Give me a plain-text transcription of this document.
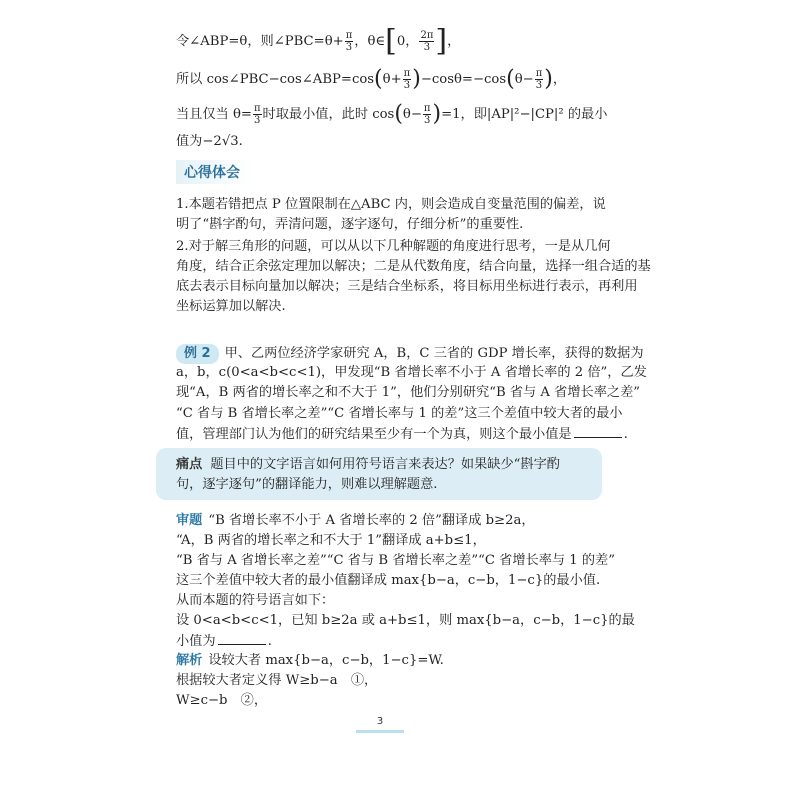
令∠ABP=θ，则∠PBC=θ+ $\frac{\pi}{3}$ ，θ∈[0， $\frac{2\pi}{3}$ ]，
所以 cos∠PBC−cos∠ABP=cos(θ+ $\frac{\pi}{3} )-\cos\theta=-\cos(\theta- \frac{\pi}{3}$ )，
当且仅当 $\theta= \frac{\pi}{3}$ 时取最小值，此时 $\cos(\theta- \frac{\pi}{3} )=1$，即|AP|²−|CP|² 的最小
值为−2√3.
心得体会
1.本题若错把点 P 位置限制在△ABC 内，则会造成自变量范围的偏差，说
明了“斟字酌句，弄清问题，逐字逐句，仔细分析”的重要性.
2.对于解三角形的问题，可以从以下几种解题的角度进行思考，一是从几何
角度，结合正余弦定理加以解决；二是从代数角度，结合向量，选择一组合适的基
底去表示目标向量加以解决；三是结合坐标系，将目标用坐标进行表示，再利用
坐标运算加以解决.
例 2 甲、乙两位经济学家研究 A，B，C 三省的 GDP 增长率，获得的数据为
a，b，c(0<a<b<c<1)，甲发现“B 省增长率不小于 A 省增长率的 2 倍”，乙发
现“A，B 两省的增长率之和不大于 1”，他们分别研究“B 省与 A 省增长率之差”
“C 省与 B 省增长率之差”“C 省增长率与 1 的差”这三个差值中较大者的最小
值，管理部门认为他们的研究结果至少有一个为真，则这个最小值是	.
痛点 题目中的文字语言如何用符号语言来表达？如果缺少“斟字酌
句，逐字逐句”的翻译能力，则难以理解题意.
审题 “B 省增长率不小于 A 省增长率的 2 倍”翻译成 b≥2a，
“A，B 两省的增长率之和不大于 1”翻译成 a+b≤1，
“B 省与 A 省增长率之差”“C 省与 B 省增长率之差”“C 省增长率与 1 的差”
这三个差值中较大者的最小值翻译成 max{b−a，c−b，1−c}的最小值.
从而本题的符号语言如下：
设 0<a<b<c<1，已知 b≥2a 或 a+b≤1，则 max{b−a，c−b，1−c}的最
小值为	.
解析 设较大者 max{b−a，c−b，1−c}=W.
根据较大者定义得 W≥b−a　①，
W≥c−b　②，
3
